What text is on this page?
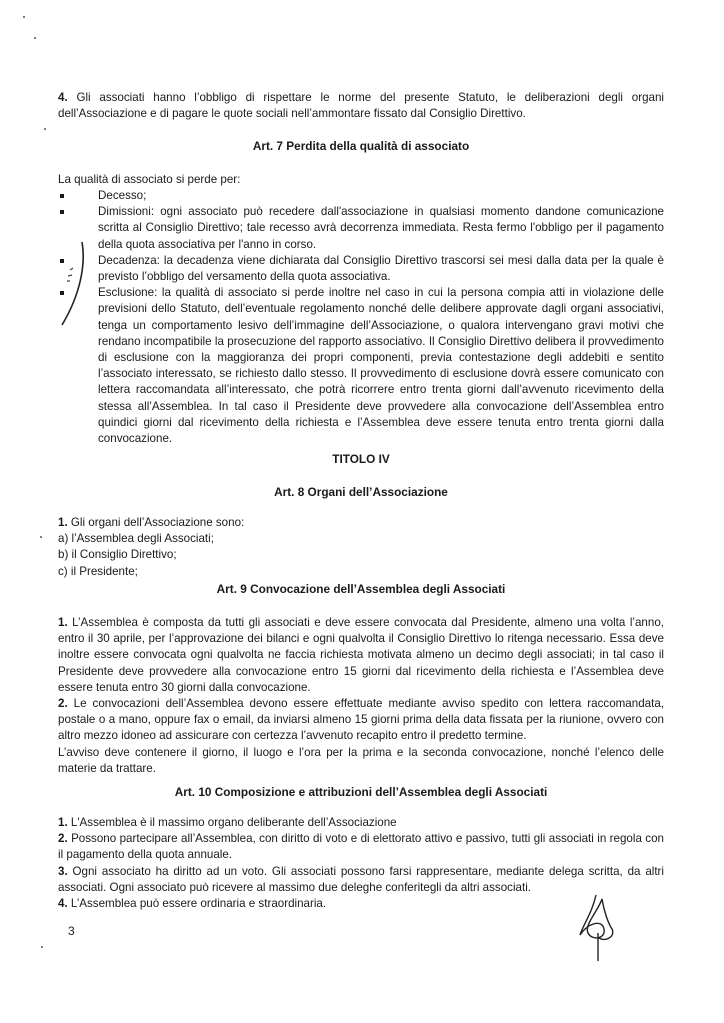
4. Gli associati hanno l’obbligo di rispettare le norme del presente Statuto, le deliberazioni degli organi dell’Associazione e di pagare le quote sociali nell’ammontare fissato dal Consiglio Direttivo.
Art. 7 Perdita della qualità di associato
La qualità di associato si perde per:
Decesso;
Dimissioni: ogni associato può recedere dall'associazione in qualsiasi momento dandone comunicazione scritta al Consiglio Direttivo; tale recesso avrà decorrenza immediata. Resta fermo l'obbligo per il pagamento della quota associativa per l'anno in corso.
Decadenza: la decadenza viene dichiarata dal Consiglio Direttivo trascorsi sei mesi dalla data per la quale è previsto l’obbligo del versamento della quota associativa.
Esclusione: la qualità di associato si perde inoltre nel caso in cui la persona compia atti in violazione delle previsioni dello Statuto, dell’eventuale regolamento nonché delle delibere approvate dagli organi associativi, tenga un comportamento lesivo dell’immagine dell’Associazione, o qualora intervengano gravi motivi che rendano incompatibile la prosecuzione del rapporto associativo. Il Consiglio Direttivo delibera il provvedimento di esclusione con la maggioranza dei propri componenti, previa contestazione degli addebiti e sentito l’associato interessato, se richiesto dallo stesso. Il provvedimento di esclusione dovrà essere comunicato con lettera raccomandata all’interessato, che potrà ricorrere entro trenta giorni dall’avvenuto ricevimento della stessa all’Assemblea. In tal caso il Presidente deve provvedere alla convocazione dell’Assemblea entro quindici giorni dal ricevimento della richiesta e l’Assemblea deve essere tenuta entro trenta giorni dalla convocazione.
TITOLO IV
Art. 8 Organi dell’Associazione
1. Gli organi dell’Associazione sono:
a) l’Assemblea degli Associati;
b) il Consiglio Direttivo;
c) il Presidente;
Art. 9 Convocazione dell’Assemblea degli Associati
1. L’Assemblea è composta da tutti gli associati e deve essere convocata dal Presidente, almeno una volta l’anno, entro il 30 aprile, per l’approvazione dei bilanci e ogni qualvolta il Consiglio Direttivo lo ritenga necessario. Essa deve inoltre essere convocata ogni qualvolta ne faccia richiesta motivata almeno un decimo degli associati; in tal caso il Presidente deve provvedere alla convocazione entro 15 giorni dal ricevimento della richiesta e l’Assemblea deve essere tenuta entro 30 giorni dalla convocazione.
2. Le convocazioni dell’Assemblea devono essere effettuate mediante avviso spedito con lettera raccomandata, postale o a mano, oppure fax o email, da inviarsi almeno 15 giorni prima della data fissata per la riunione, ovvero con altro mezzo idoneo ad assicurare con certezza l’avvenuto recapito entro il predetto termine.
L’avviso deve contenere il giorno, il luogo e l’ora per la prima e la seconda convocazione, nonché l’elenco delle materie da trattare.
Art. 10 Composizione e attribuzioni dell’Assemblea degli Associati
1. L'Assemblea è il massimo organo deliberante dell’Associazione
2. Possono partecipare all’Assemblea, con diritto di voto e di elettorato attivo e passivo, tutti gli associati in regola con il pagamento della quota annuale.
3. Ogni associato ha diritto ad un voto. Gli associati possono farsi rappresentare, mediante delega scritta, da altri associati. Ogni associato può ricevere al massimo due deleghe conferitegli da altri associati.
4. L’Assemblea può essere ordinaria e straordinaria.
3
